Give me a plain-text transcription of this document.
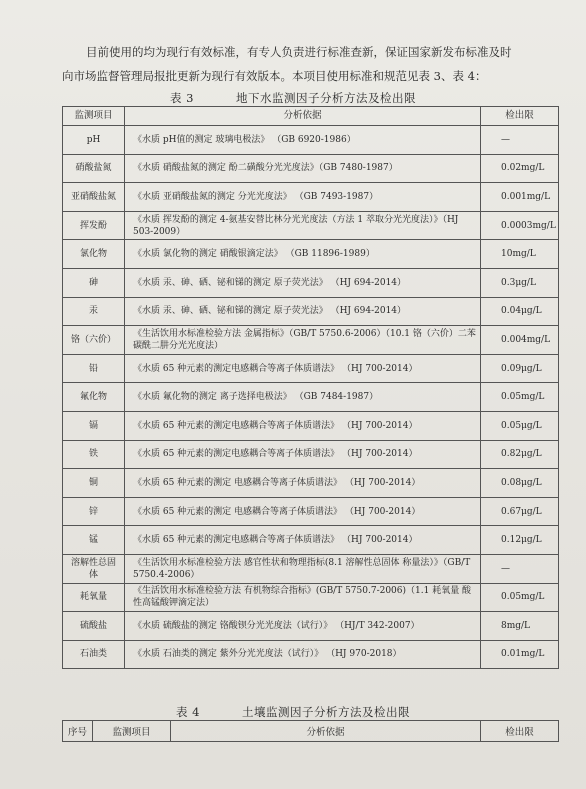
目前使用的均为现行有效标准，有专人负责进行标准查新，保证国家新发布标准及时

向市场监督管理局报批更新为现行有效版本。本项目使用标准和规范见表 3、表 4：

表 3	地下水监测因子分析方法及检出限
监测项目	分析依据	检出限
pH	《水质 pH值的测定 玻璃电极法》 （GB 6920-1986）	—
硝酸盐氮	《水质 硝酸盐氮的测定 酚二磺酸分光光度法》（GB 7480-1987）	0.02mg/L
亚硝酸盐氮	《水质 亚硝酸盐氮的测定 分光光度法》 （GB 7493-1987）	0.001mg/L
挥发酚	《水质 挥发酚的测定 4-氨基安替比林分光光度法（方法 1 萃取分光光度法）》（HJ 503-2009）	0.0003mg/L
氯化物	《水质 氯化物的测定 硝酸银滴定法》 （GB 11896-1989）	10mg/L
砷	《水质 汞、砷、硒、铋和锑的测定 原子荧光法》 （HJ 694-2014）	0.3μg/L
汞	《水质 汞、砷、硒、铋和锑的测定 原子荧光法》 （HJ 694-2014）	0.04μg/L
铬（六价）	《生活饮用水标准检验方法 金属指标》（GB/T 5750.6-2006）（10.1 铬（六价）二苯碳酰二肼分光光度法）	0.004mg/L
铅	《水质 65 种元素的测定电感耦合等离子体质谱法》 （HJ 700-2014）	0.09μg/L
氟化物	《水质 氟化物的测定 离子选择电极法》 （GB 7484-1987）	0.05mg/L
镉	《水质 65 种元素的测定电感耦合等离子体质谱法》 （HJ 700-2014）	0.05μg/L
铁	《水质 65 种元素的测定电感耦合等离子体质谱法》 （HJ 700-2014）	0.82μg/L
铜	《水质 65 种元素的测定 电感耦合等离子体质谱法》 （HJ 700-2014）	0.08μg/L
锌	《水质 65 种元素的测定 电感耦合等离子体质谱法》 （HJ 700-2014）	0.67μg/L
锰	《水质 65 种元素的测定电感耦合等离子体质谱法》 （HJ 700-2014）	0.12μg/L
溶解性总固体	《生活饮用水标准检验方法 感官性状和物理指标(8.1 溶解性总固体 称量法）》（GB/T 5750.4-2006）	—
耗氧量	《生活饮用水标准检验方法 有机物综合指标》(GB/T 5750.7-2006)（1.1 耗氧量 酸性高锰酸钾滴定法）	0.05mg/L
硫酸盐	《水质 硫酸盐的测定 铬酸钡分光光度法（试行）》 （HJ/T 342-2007）	8mg/L
石油类	《水质 石油类的测定 紫外分光光度法（试行）》 （HJ 970-2018）	0.01mg/L
表 4	土壤监测因子分析方法及检出限
序号	监测项目	分析依据	检出限
